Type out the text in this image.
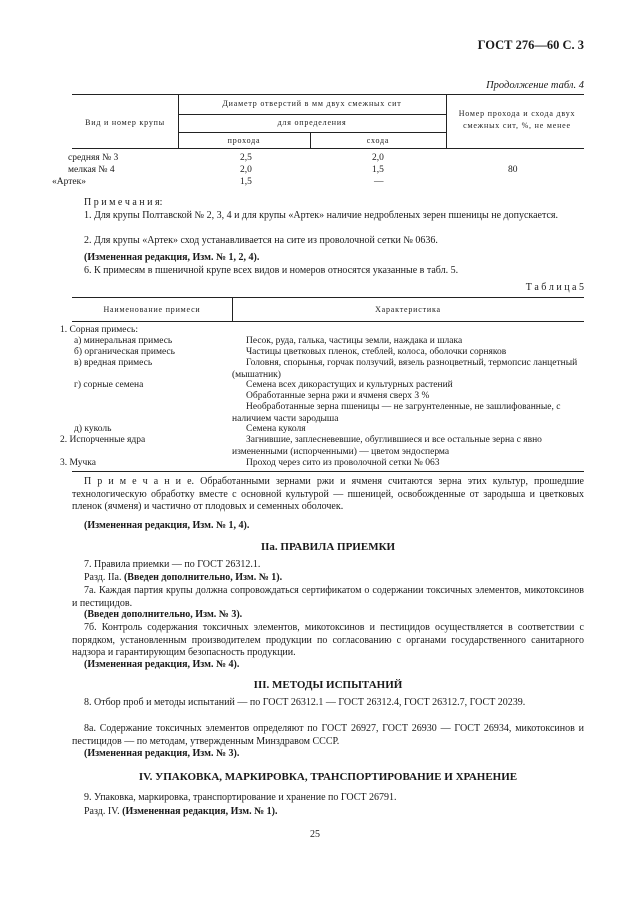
ГОСТ 276—60 С. 3
Продолжение табл. 4
Вид и номер крупы
Диаметр отверстий в мм двух смежных сит
для определения
прохода	схода
Номер прохода и схода двух смежных сит, %, не менее
средняя № 3
мелкая № 4
«Артек»
2,5
2,0
1,5
2,0
1,5
—
80
П р и м е ч а н и я:
1. Для крупы Полтавской № 2, 3, 4 и для крупы «Артек» наличие недробленых зерен пшеницы не допускается.
2. Для крупы «Артек» сход устанавливается на сите из проволочной сетки № 0636.
(Измененная редакция, Изм. № 1, 2, 4).
6. К примесям в пшеничной крупе всех видов и номеров относятся указанные в табл. 5.
Т а б л и ц а 5
Наименование примеси	Характеристика
1. Сорная примесь:
а) минеральная примесь
б) органическая примесь
в) вредная примесь
г) сорные семена
д) куколь
2. Испорченные ядра
3. Мучка
Песок, руда, галька, частицы земли, наждака и шлака
Частицы цветковых пленок, стеблей, колоса, оболочки сорняков
Головня, спорынья, горчак ползучий, вязель разноцветный, термопсис ланцетный (мышатник)
Семена всех дикорастущих и культурных растений
Обработанные зерна ржи и ячменя сверх 3 %
Необработанные зерна пшеницы — не загрунтеленные, не зашлифованные, с наличием части зародыша
Семена куколя
Загнившие, заплесневевшие, обуглившиеся и все остальные зерна с явно измененными (испорченными) — цветом эндосперма
Проход через сито из проволочной сетки № 063
П р и м е ч а н и е. Обработанными зернами ржи и ячменя считаются зерна этих культур, прошедшие технологическую обработку вместе с основной культурой — пшеницей, освобожденные от зародыша и цветковых пленок (ячменя) и частично от плодовых и семенных оболочек.
(Измененная редакция, Изм. № 1, 4).
IIа. ПРАВИЛА ПРИЕМКИ
7. Правила приемки — по ГОСТ 26312.1.
Разд. IIа. (Введен дополнительно, Изм. № 1).
7а. Каждая партия крупы должна сопровождаться сертификатом о содержании токсичных элементов, микотоксинов и пестицидов.
(Введен дополнительно, Изм. № 3).
7б. Контроль содержания токсичных элементов, микотоксинов и пестицидов осуществляется в соответствии с порядком, установленным производителем продукции по согласованию с органами государственного санитарного надзора и гарантирующим безопасность продукции.
(Измененная редакция, Изм. № 4).
III. МЕТОДЫ ИСПЫТАНИЙ
8. Отбор проб и методы испытаний — по ГОСТ 26312.1 — ГОСТ 26312.4, ГОСТ 26312.7, ГОСТ 20239.
8а. Содержание токсичных элементов определяют по ГОСТ 26927, ГОСТ 26930 — ГОСТ 26934, микотоксинов и пестицидов — по методам, утвержденным Минздравом СССР.
(Измененная редакция, Изм. № 3).
IV. УПАКОВКА, МАРКИРОВКА, ТРАНСПОРТИРОВАНИЕ И ХРАНЕНИЕ
9. Упаковка, маркировка, транспортирование и хранение по ГОСТ 26791.
Разд. IV. (Измененная редакция, Изм. № 1).
25
